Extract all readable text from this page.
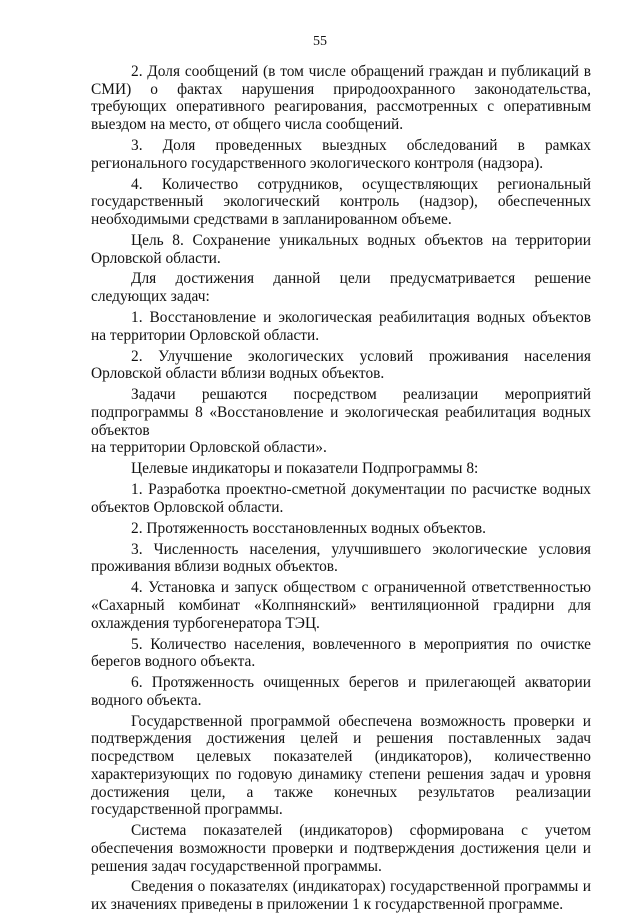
55

2. Доля сообщений (в том числе обращений граждан и публикаций в СМИ) о фактах нарушения природоохранного законодательства, требующих оперативного реагирования, рассмотренных с оперативным выездом на место, от общего числа сообщений.

3. Доля проведенных выездных обследований в рамках регионального государственного экологического контроля (надзора).

4. Количество сотрудников, осуществляющих региональный государственный экологический контроль (надзор), обеспеченных необходимыми средствами в запланированном объеме.

Цель 8. Сохранение уникальных водных объектов на территории Орловской области.

Для достижения данной цели предусматривается решение следующих задач:

1. Восстановление и экологическая реабилитация водных объектов на территории Орловской области.

2. Улучшение экологических условий проживания населения Орловской области вблизи водных объектов.

Задачи решаются посредством реализации мероприятий подпрограммы 8 «Восстановление и экологическая реабилитация водных объектов

на территории Орловской области».

Целевые индикаторы и показатели Подпрограммы 8:

1. Разработка проектно-сметной документации по расчистке водных объектов Орловской области.

2. Протяженность восстановленных водных объектов.

3. Численность населения, улучшившего экологические условия проживания вблизи водных объектов.

4. Установка и запуск обществом с ограниченной ответственностью «Сахарный комбинат «Колпнянский» вентиляционной градирни для охлаждения турбогенератора ТЭЦ.

5. Количество населения, вовлеченного в мероприятия по очистке берегов водного объекта.

6. Протяженность очищенных берегов и прилегающей акватории водного объекта.

Государственной программой обеспечена возможность проверки и подтверждения достижения целей и решения поставленных задач посредством целевых показателей (индикаторов), количественно характеризующих по годовую динамику степени решения задач и уровня достижения цели, а также конечных результатов реализации государственной программы.

Система показателей (индикаторов) сформирована с учетом обеспечения возможности проверки и подтверждения достижения цели и решения задач государственной программы.

Сведения о показателях (индикаторах) государственной программы и их значениях приведены в приложении 1 к государственной программе.
